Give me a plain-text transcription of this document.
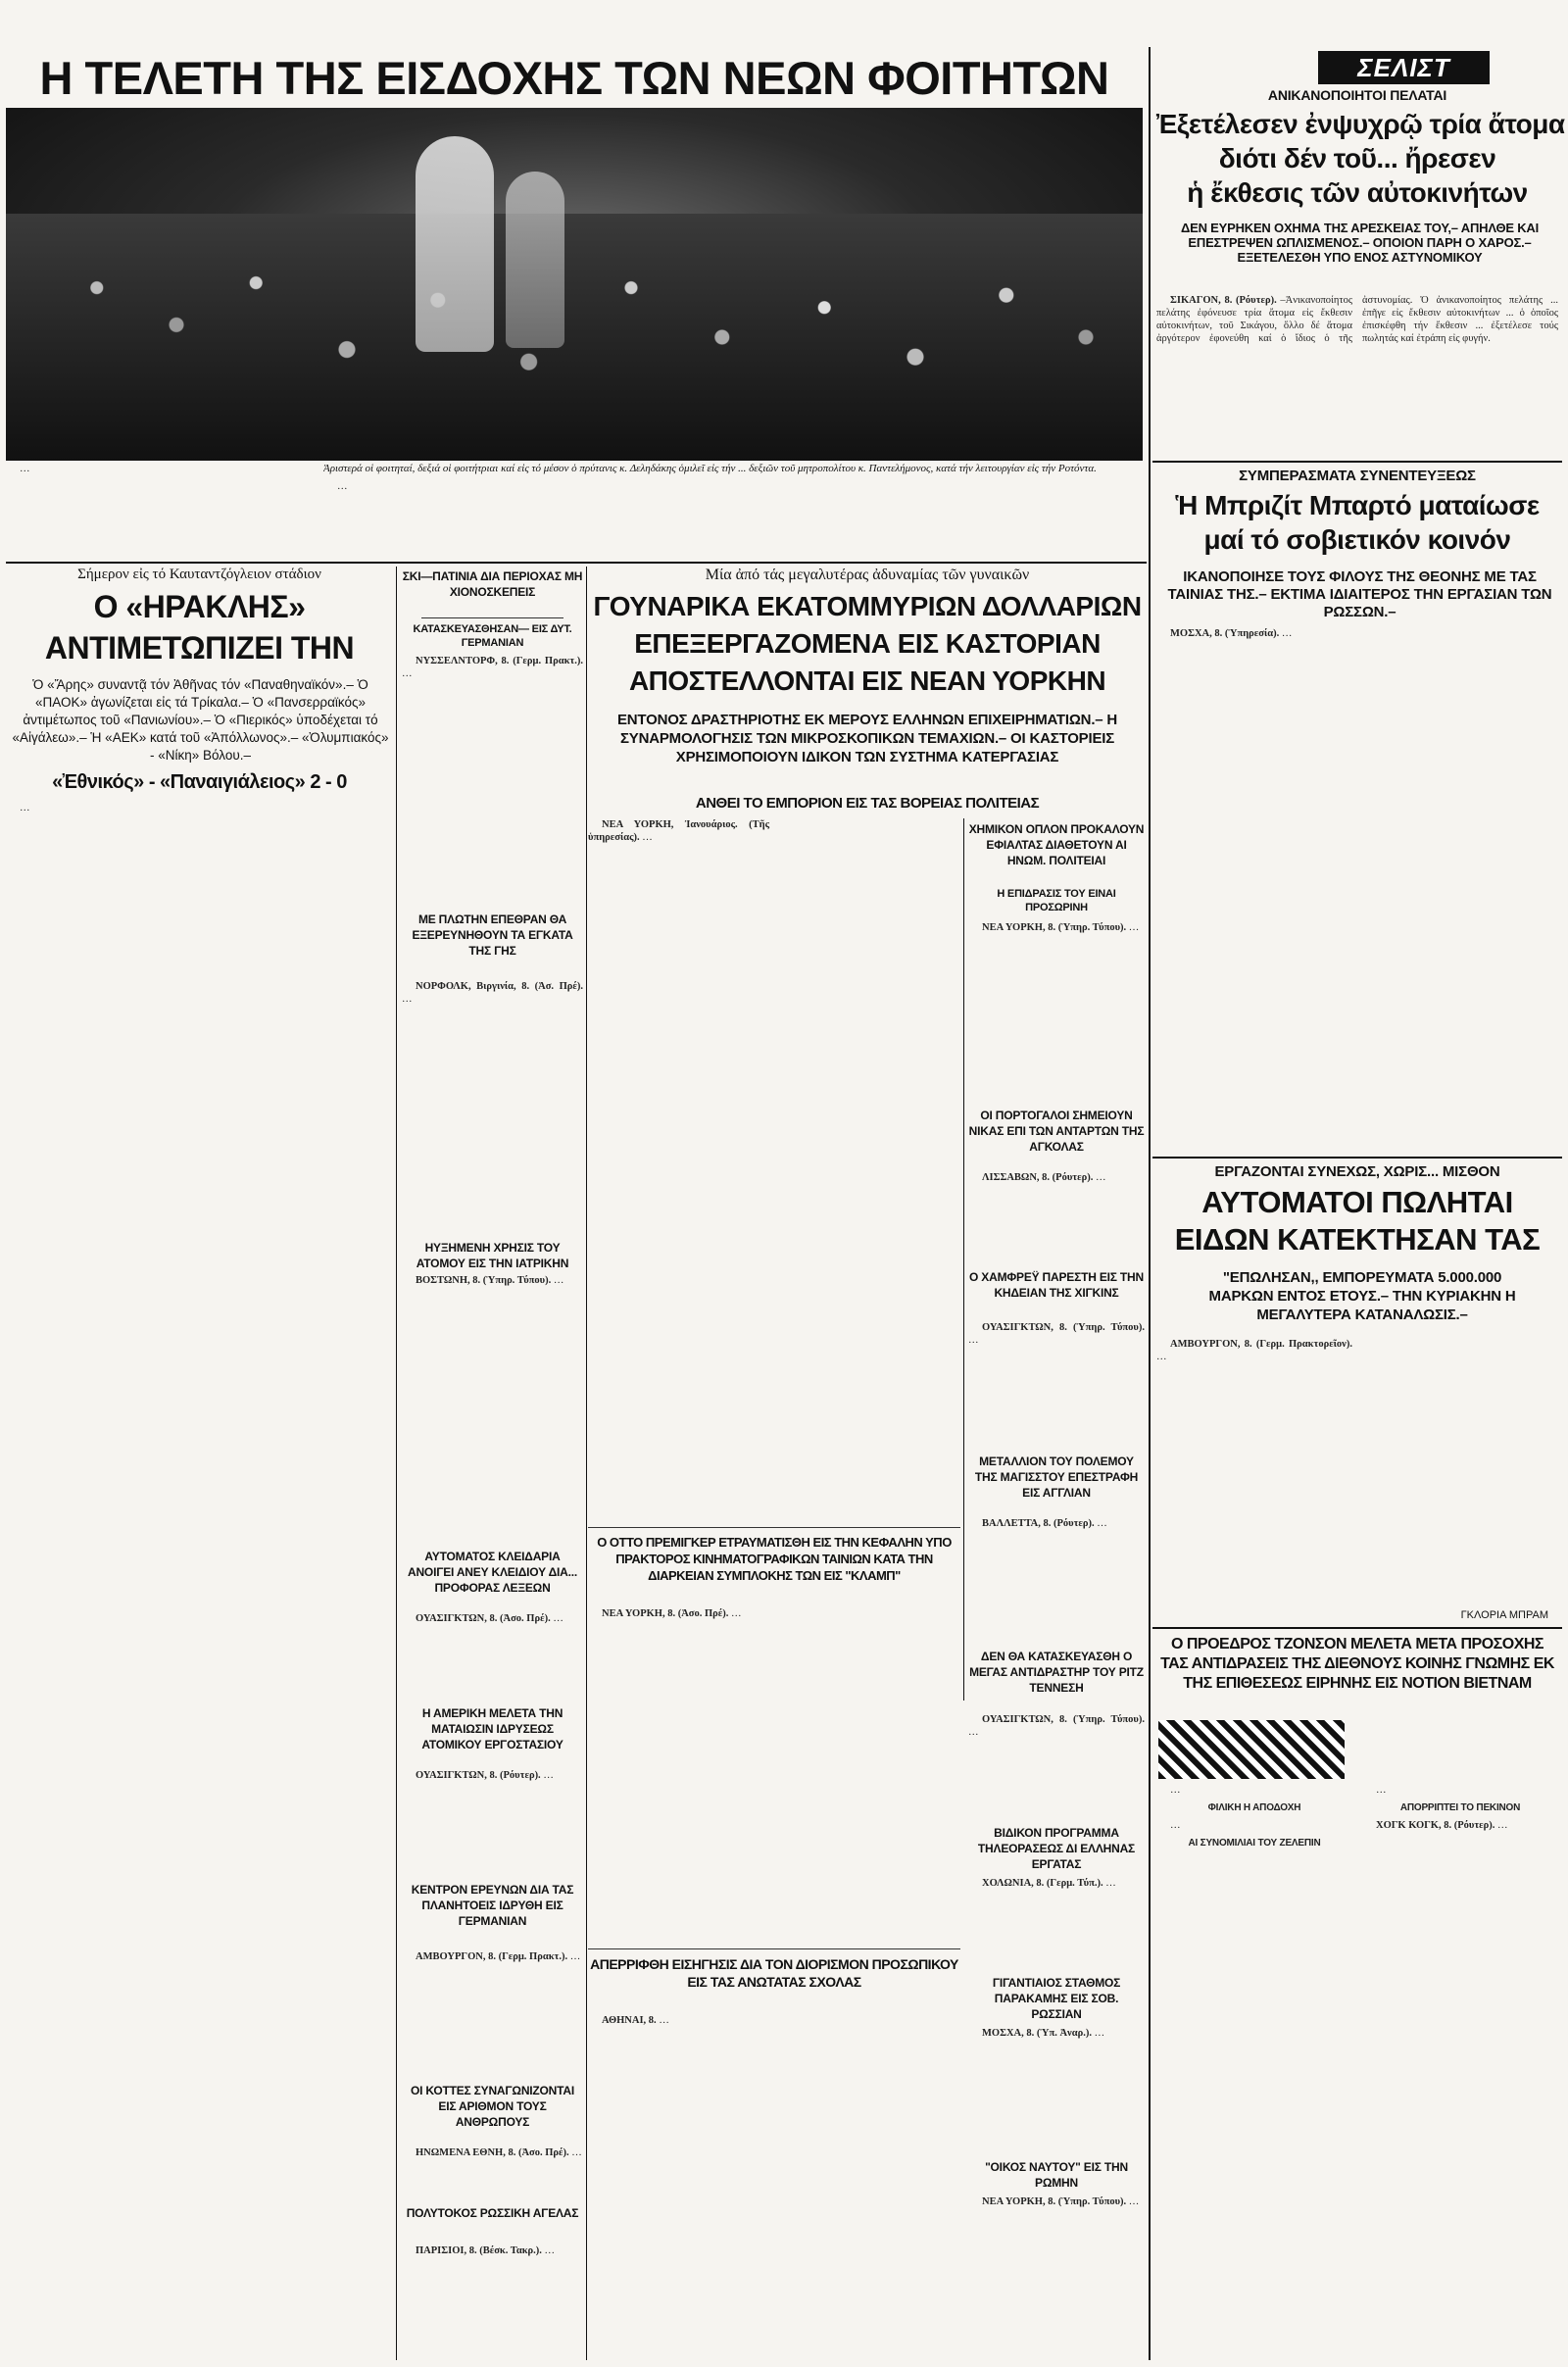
Η ΤΕΛΕΤΗ ΤΗΣ ΕΙΣΔΟΧΗΣ ΤΩΝ ΝΕΩΝ ΦΟΙΤΗΤΩΝ
Ἀριστερά οἱ φοιτηταί, δεξιά οἱ φοιτήτριαι καί εἰς τό μέσον ὁ πρύτανις κ. Δεληδάκης ὁμιλεῖ εἰς τήν ... δεξιῶν τοῦ μητροπολίτου κ. Παντελήμονος, κατά τήν λειτουργίαν εἰς τήν Ροτόντα.

…

…

ΣΕΛΙΣΤ
ΑΝΙΚΑΝΟΠΟΙΗΤΟΙ ΠΕΛΑΤΑΙ
Ἐξετέλεσεν ἐνψυχρῷ τρία ἄτομα
διότι δέν τοῦ... ἤρεσεν
ἡ ἔκθεσις τῶν αὐτοκινήτων
ΔΕΝ ΕΥΡΗΚΕΝ ΟΧΗΜΑ ΤΗΣ ΑΡΕΣΚΕΙΑΣ ΤΟΥ,– ΑΠΗΛΘΕ ΚΑΙ ΕΠΕΣΤΡΕΨΕΝ ΩΠΛΙΣΜΕΝΟΣ.– ΟΠΟΙΟΝ ΠΑΡΗ Ο ΧΑΡΟΣ.– ΕΞΕΤΕΛΕΣΘΗ ΥΠΟ ΕΝΟΣ ΑΣΤΥΝΟΜΙΚΟΥ

ΣΙΚΑΓΟΝ, 8. (Ρόυτερ). –Ἀνικανοποίητος πελάτης ἐφόνευσε τρία ἄτομα εἰς ἔκθεσιν αὐτοκινήτων, τοῦ Σικάγου, ὅλλο δέ ἄτομα ἀργότερον ἐφονεύθη καί ὁ ἴδιος ὁ τῆς ἀστυνομίας. Ὁ ἀνικανοποίητος πελάτης ... ἐπῆγε εἰς ἔκθεσιν αὐτοκινήτων ... ὁ ὁποῖος ἐπισκέφθη τήν ἔκθεσιν ... ἐξετέλεσε τούς πωλητάς καί ἐτράπη εἰς φυγήν.

ΣΥΜΠΕΡΑΣΜΑΤΑ ΣΥΝΕΝΤΕΥΞΕΩΣ
Ἡ Μπριζίτ Μπαρτό ματαίωσε μαί τό σοβιετικόν κοινόν
ΙΚΑΝΟΠΟΙΗΣΕ ΤΟΥΣ ΦΙΛΟΥΣ ΤΗΣ ΘΕΟΝΗΣ ΜΕ ΤΑΣ ΤΑΙΝΙΑΣ ΤΗΣ.– ΕΚΤΙΜΑ ΙΔΙΑΙΤΕΡΟΣ ΤΗΝ ΕΡΓΑΣΙΑΝ ΤΩΝ ΡΩΣΣΩΝ.–

ΜΟΣΧΑ, 8. (Ὑπηρεσία). …

ΕΡΓΑΖΟΝΤΑΙ ΣΥΝΕΧΩΣ, ΧΩΡΙΣ... ΜΙΣΘΟΝ
ΑΥΤΟΜΑΤΟΙ ΠΩΛΗΤΑΙ ΕΙΔΩΝ ΚΑΤΕΚΤΗΣΑΝ ΤΑΣ
"ΕΠΩΛΗΣΑΝ,, ΕΜΠΟΡΕΥΜΑΤΑ 5.000.000 ΜΑΡΚΩΝ ΕΝΤΟΣ ΕΤΟΥΣ.– ΤΗΝ ΚΥΡΙΑΚΗΝ Η ΜΕΓΑΛΥΤΕΡΑ ΚΑΤΑΝΑΛΩΣΙΣ.–

ΑΜΒΟΥΡΓΟΝ, 8. (Γερμ. Πρακτορεῖον). …

ΓΚΛΟΡΙΑ ΜΠΡΑΜ
Ο ΠΡΟΕΔΡΟΣ ΤΖΟΝΣΟΝ ΜΕΛΕΤΑ ΜΕΤΑ ΠΡΟΣΟΧΗΣ ΤΑΣ ΑΝΤΙΔΡΑΣΕΙΣ ΤΗΣ ΔΙΕΘΝΟΥΣ ΚΟΙΝΗΣ ΓΝΩΜΗΣ ΕΚ ΤΗΣ ΕΠΙΘΕΣΕΩΣ ΕΙΡΗΝΗΣ ΕΙΣ ΝΟΤΙΟΝ ΒΙΕΤΝΑΜ

…

ΦΙΛΙΚΗ Η ΑΠΟΔΟΧΗ

…

ΑΙ ΣΥΝΟΜΙΛΙΑΙ ΤΟΥ ΖΕΛΕΠΙΝ

…

ΑΠΟΡΡΙΠΤΕΙ ΤΟ ΠΕΚΙΝΟΝ

ΧΟΓΚ ΚΟΓΚ, 8. (Ρόυτερ). …

Σήμερον εἰς τό Καυταντζόγλειον στάδιον
Ο «ΗΡΑΚΛΗΣ» ΑΝΤΙΜΕΤΩΠΙΖΕΙ ΤΗΝ
Ὁ «Ἄρης» συναντᾷ τόν Ἀθῆνας τόν «Παναθηναϊκόν».– Ὁ «ΠΑΟΚ» ἀγωνίζεται εἰς τά Τρίκαλα.– Ὁ «Πανσερραϊκός» ἀντιμέτωπος τοῦ «Πανιωνίου».– Ὁ «Πιερικός» ὑποδέχεται τό «Αἰγάλεω».– Ἡ «ΑΕΚ» κατά τοῦ «Ἀπόλλωνος».– «Ὀλυμπιακός» - «Νίκη» Βόλου.–
«Ἐθνικός» - «Παναιγιάλειος» 2 - 0

…

ΣΚΙ—ΠΑΤΙΝΙΑ ΔΙΑ ΠΕΡΙΟΧΑΣ ΜΗ ΧΙΟΝΟΣΚΕΠΕΙΣ
ΚΑΤΑΣΚΕΥΑΣΘΗΣΑΝ— ΕΙΣ ΔΥΤ. ΓΕΡΜΑΝΙΑΝ

ΝΥΣΣΕΛΝΤΟΡΦ, 8. (Γερμ. Πρακτ.). …

ΜΕ ΠΛΩΤΗΝ ΕΠΕΘΡΑΝ ΘΑ ΕΞΕΡΕΥΝΗΘΟΥΝ ΤΑ ΕΓΚΑΤΑ ΤΗΣ ΓΗΣ

ΝΟΡΦΟΛΚ, Βιργινία, 8. (Ἀσ. Πρέ). …

ΗΥΞΗΜΕΝΗ ΧΡΗΣΙΣ ΤΟΥ ΑΤΟΜΟΥ ΕΙΣ ΤΗΝ ΙΑΤΡΙΚΗΝ

ΒΟΣΤΩΝΗ, 8. (Ὑπηρ. Τύπου). …

ΑΥΤΟΜΑΤΟΣ ΚΛΕΙΔΑΡΙΑ ΑΝΟΙΓΕΙ ΑΝΕΥ ΚΛΕΙΔΙΟΥ ΔΙΑ... ΠΡΟΦΟΡΑΣ ΛΕΞΕΩΝ

ΟΥΑΣΙΓΚΤΩΝ, 8. (Ἀσο. Πρέ). …

Η ΑΜΕΡΙΚΗ ΜΕΛΕΤΑ ΤΗΝ ΜΑΤΑΙΩΣΙΝ ΙΔΡΥΣΕΩΣ ΑΤΟΜΙΚΟΥ ΕΡΓΟΣΤΑΣΙΟΥ

ΟΥΑΣΙΓΚΤΩΝ, 8. (Ρόυτερ). …

ΚΕΝΤΡΟΝ ΕΡΕΥΝΩΝ ΔΙΑ ΤΑΣ ΠΛΑΝΗΤΟΕΙΣ ΙΔΡΥΘΗ ΕΙΣ ΓΕΡΜΑΝΙΑΝ

ΑΜΒΟΥΡΓΟΝ, 8. (Γερμ. Πρακτ.). …

ΟΙ ΚΟΤΤΕΣ ΣΥΝΑΓΩΝΙΖΟΝΤΑΙ ΕΙΣ ΑΡΙΘΜΟΝ ΤΟΥΣ ΑΝΘΡΩΠΟΥΣ

ΗΝΩΜΕΝΑ ΕΘΝΗ, 8. (Ἀσο. Πρέ). …

ΠΟΛΥΤΟΚΟΣ ΡΩΣΣΙΚΗ ΑΓΕΛΑΣ

ΠΑΡΙΣΙΟΙ, 8. (Βέσκ. Τακρ.). …

Μία ἀπό τάς μεγαλυτέρας ἀδυναμίας τῶν γυναικῶν
ΓΟΥΝΑΡΙΚΑ ΕΚΑΤΟΜΜΥΡΙΩΝ ΔΟΛΛΑΡΙΩΝ ΕΠΕΞΕΡΓΑΖΟΜΕΝΑ ΕΙΣ ΚΑΣΤΟΡΙΑΝ ΑΠΟΣΤΕΛΛΟΝΤΑΙ ΕΙΣ ΝΕΑΝ ΥΟΡΚΗΝ
ΕΝΤΟΝΟΣ ΔΡΑΣΤΗΡΙΟΤΗΣ ΕΚ ΜΕΡΟΥΣ ΕΛΛΗΝΩΝ ΕΠΙΧΕΙΡΗΜΑΤΙΩΝ.– Η ΣΥΝΑΡΜΟΛΟΓΗΣΙΣ ΤΩΝ ΜΙΚΡΟΣΚΟΠΙΚΩΝ ΤΕΜΑΧΙΩΝ.– ΟΙ ΚΑΣΤΟΡΙΕΙΣ ΧΡΗΣΙΜΟΠΟΙΟΥΝ ΙΔΙΚΟΝ ΤΩΝ ΣΥΣΤΗΜΑ ΚΑΤΕΡΓΑΣΙΑΣ
ΑΝΘΕΙ ΤΟ ΕΜΠΟΡΙΟΝ ΕΙΣ ΤΑΣ ΒΟΡΕΙΑΣ ΠΟΛΙΤΕΙΑΣ

ΝΕΑ ΥΟΡΚΗ, Ἰανουάριος. (Τῆς ὑπηρεσίας). …

ΧΗΜΙΚΟΝ ΟΠΛΟΝ ΠΡΟΚΑΛΟΥΝ ΕΦΙΑΛΤΑΣ ΔΙΑΘΕΤΟΥΝ ΑΙ ΗΝΩΜ. ΠΟΛΙΤΕΙΑΙ
Η ΕΠΙΔΡΑΣΙΣ ΤΟΥ ΕΙΝΑΙ ΠΡΟΣΩΡΙΝΗ

ΝΕΑ ΥΟΡΚΗ, 8. (Ὑπηρ. Τύπου). …

ΟΙ ΠΟΡΤΟΓΑΛΟΙ ΣΗΜΕΙΟΥΝ ΝΙΚΑΣ ΕΠΙ ΤΩΝ ΑΝΤΑΡΤΩΝ ΤΗΣ ΑΓΚΟΛΑΣ

ΛΙΣΣΑΒΩΝ, 8. (Ρόυτερ). …

Ο ΧΑΜΦΡΕΫ ΠΑΡΕΣΤΗ ΕΙΣ ΤΗΝ ΚΗΔΕΙΑΝ ΤΗΣ ΧΙΓΚΙΝΣ

ΟΥΑΣΙΓΚΤΩΝ, 8. (Ὑπηρ. Τύπου). …

ΜΕΤΑΛΛΙΟΝ ΤΟΥ ΠΟΛΕΜΟΥ ΤΗΣ ΜΑΓΙΣΣΤΟΥ ΕΠΕΣΤΡΑΦΗ ΕΙΣ ΑΓΓΛΙΑΝ

ΒΑΛΛΕΤΤΑ, 8. (Ρόυτερ). …

ΔΕΝ ΘΑ ΚΑΤΑΣΚΕΥΑΣΘΗ Ο ΜΕΓΑΣ ΑΝΤΙΔΡΑΣΤΗΡ ΤΟΥ ΡΙΤΖ ΤΕΝΝΕΣΗ

ΟΥΑΣΙΓΚΤΩΝ, 8. (Ὑπηρ. Τύπου). …

ΒΙΔΙΚΟΝ ΠΡΟΓΡΑΜΜΑ ΤΗΛΕΟΡΑΣΕΩΣ ΔΙ ΕΛΛΗΝΑΣ ΕΡΓΑΤΑΣ

ΧΟΛΩΝΙΑ, 8. (Γερμ. Τύπ.). …

ΓΙΓΑΝΤΙΑΙΟΣ ΣΤΑΘΜΟΣ ΠΑΡΑΚΑΜΗΣ ΕΙΣ ΣΟΒ. ΡΩΣΣΙΑΝ

ΜΟΣΧΑ, 8. (Ὑπ. Ἀναρ.). …

"ΟΙΚΟΣ ΝΑΥΤΟΥ" ΕΙΣ ΤΗΝ ΡΩΜΗΝ

ΝΕΑ ΥΟΡΚΗ, 8. (Ὑπηρ. Τύπου). …

Ο ΟΤΤΟ ΠΡΕΜΙΓΚΕΡ ΕΤΡΑΥΜΑΤΙΣΘΗ ΕΙΣ ΤΗΝ ΚΕΦΑΛΗΝ ΥΠΟ ΠΡΑΚΤΟΡΟΣ ΚΙΝΗΜΑΤΟΓΡΑΦΙΚΩΝ ΤΑΙΝΙΩΝ ΚΑΤΑ ΤΗΝ ΔΙΑΡΚΕΙΑΝ ΣΥΜΠΛΟΚΗΣ ΤΩΝ ΕΙΣ "ΚΛΑΜΠ"

ΝΕΑ ΥΟΡΚΗ, 8. (Ἀσο. Πρέ). …

ΑΠΕΡΡΙΦΘΗ ΕΙΣΗΓΗΣΙΣ ΔΙΑ ΤΟΝ ΔΙΟΡΙΣΜΟΝ ΠΡΟΣΩΠΙΚΟΥ ΕΙΣ ΤΑΣ ΑΝΩΤΑΤΑΣ ΣΧΟΛΑΣ

ΑΘΗΝΑΙ, 8. …
